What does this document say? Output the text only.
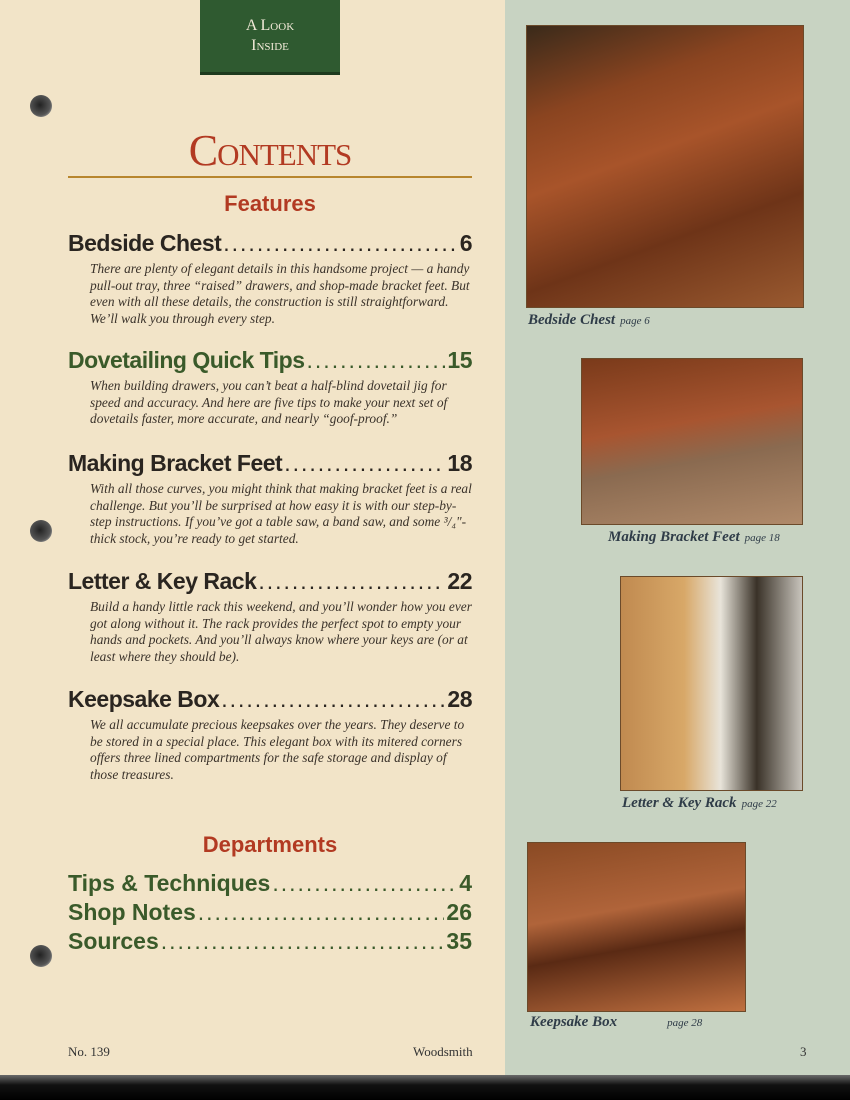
A Look
Inside
Contents
Features
Bedside Chest .....	6

There are plenty of elegant details in this handsome project — a handy pull-out tray, three “raised” drawers, and shop-made bracket feet. But even with all these details, the construction is still straightforward. We’ll walk you through every step.

Dovetailing Quick Tips .....	15

When building drawers, you can’t beat a half-blind dovetail jig for speed and accuracy. And here are five tips to make your next set of dovetails faster, more accurate, and nearly “goof-proof.”

Making Bracket Feet .....	18

With all those curves, you might think that making bracket feet is a real challenge. But you’ll be surprised at how easy it is with our step-by-step instructions. If you’ve got a table saw, a band saw, and some ³/₄"-thick stock, you’re ready to get started.

Letter & Key Rack .....	22

Build a handy little rack this weekend, and you’ll wonder how you ever got along without it. The rack provides the perfect spot to empty your hands and pockets. And you’ll always know where your keys are (or at least where they should be).

Keepsake Box .....	28

We all accumulate precious keepsakes over the years. They deserve to be stored in a special place. This elegant box with its mitered corners offers three lined compartments for the safe storage and display of those treasures.

Departments
Tips & Techniques .....	4
Shop Notes .....	26
Sources .....	35
Bedside Chest page 6
Making Bracket Feet page 18
Letter & Key Rack page 22
Keepsake Box	page 28
No. 139	Woodsmith	3
